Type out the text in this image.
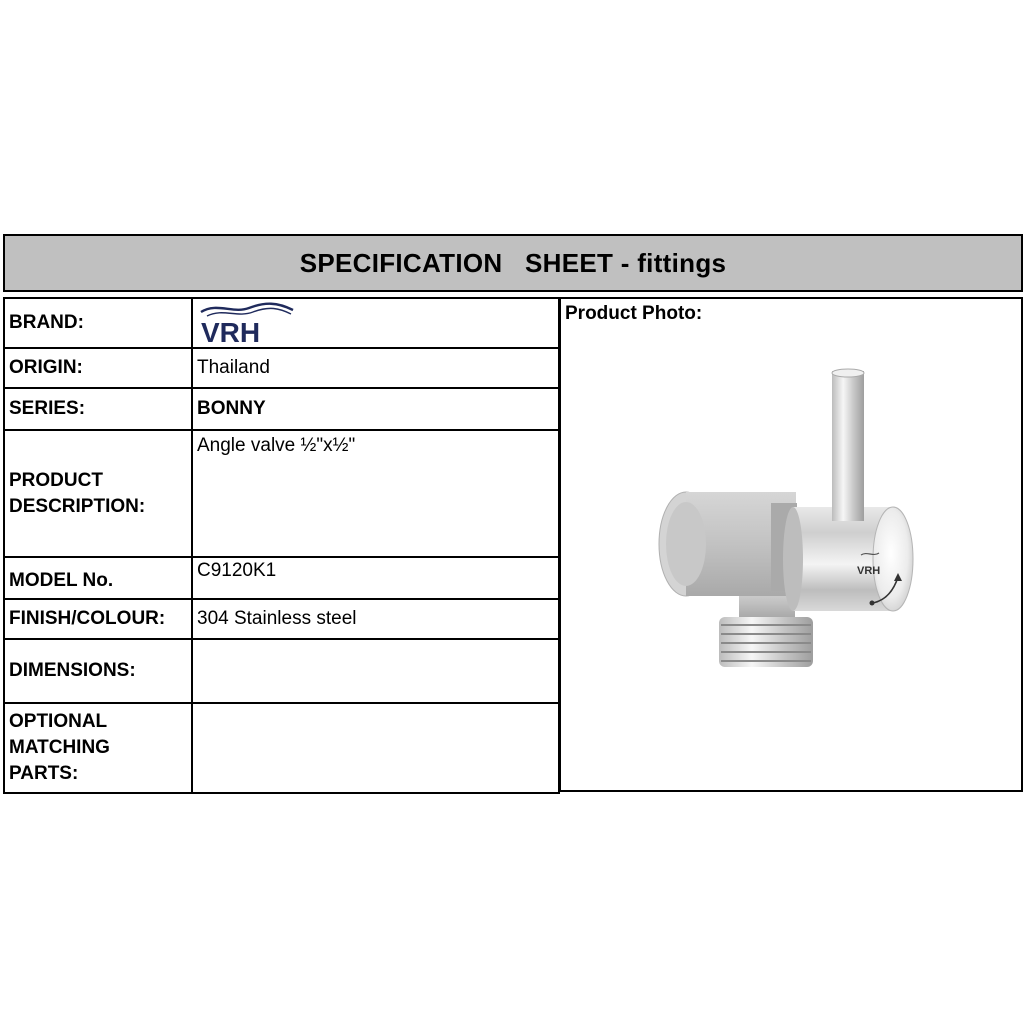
SPECIFICATION   SHEET - fittings
BRAND:	VRH

ORIGIN:	Thailand
SERIES:	BONNY

PRODUCT
DESCRIPTION:	Angle valve ½"x½"
MODEL No.	C9120K1
FINISH/COLOUR:	304 Stainless steel
DIMENSIONS:	

OPTIONAL
MATCHING
PARTS:	

Product Photo:
VRH
